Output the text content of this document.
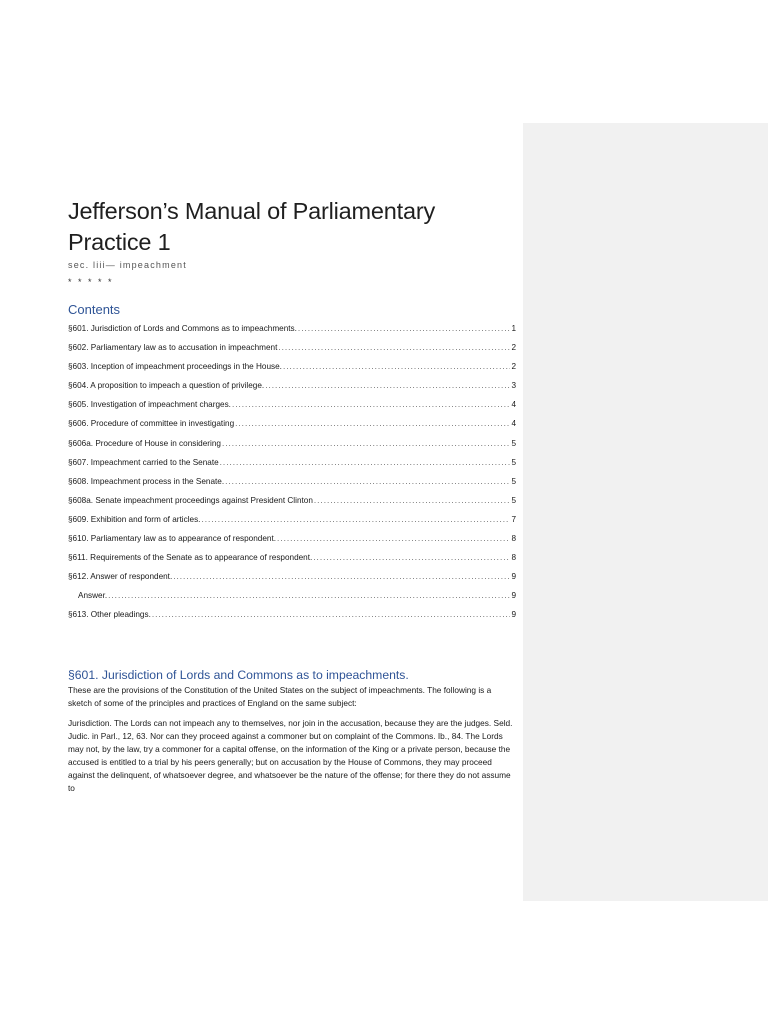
Jefferson’s Manual of Parliamentary Practice 1
sec. liii— impeachment
* * * * *
Contents
§601. Jurisdiction of Lords and Commons as to impeachments. .....	1
§602. Parliamentary law as to accusation in impeachment .....	2
§603. Inception of impeachment proceedings in the House. .....	2
§604. A proposition to impeach a question of privilege. .....	3
§605. Investigation of impeachment charges. .....	4
§606. Procedure of committee in investigating .....	4
§606a. Procedure of House in considering .....	5
§607. Impeachment carried to the Senate .....	5
§608. Impeachment process in the Senate. .....	5
§608a. Senate impeachment proceedings against President Clinton .....	5
§609. Exhibition and form of articles. .....	7
§610. Parliamentary law as to appearance of respondent. .....	8
§611. Requirements of the Senate as to appearance of respondent. .....	8
§612. Answer of respondent. .....	9
Answer. .....	9
§613. Other pleadings. .....	9
§601. Jurisdiction of Lords and Commons as to impeachments.

These are the provisions of the Constitution of the United States on the subject of impeachments. The following is a sketch of some of the principles and practices of England on the same subject:

Jurisdiction. The Lords can not impeach any to themselves, nor join in the accusation, because they are the judges. Seld. Judic. in Parl., 12, 63. Nor can they proceed against a commoner but on complaint of the Commons. Ib., 84. The Lords may not, by the law, try a commoner for a capital offense, on the information of the King or a private person, because the accused is entitled to a trial by his peers generally; but on accusation by the House of Commons, they may proceed against the delinquent, of whatsoever degree, and whatsoever be the nature of the offense; for there they do not assume to
